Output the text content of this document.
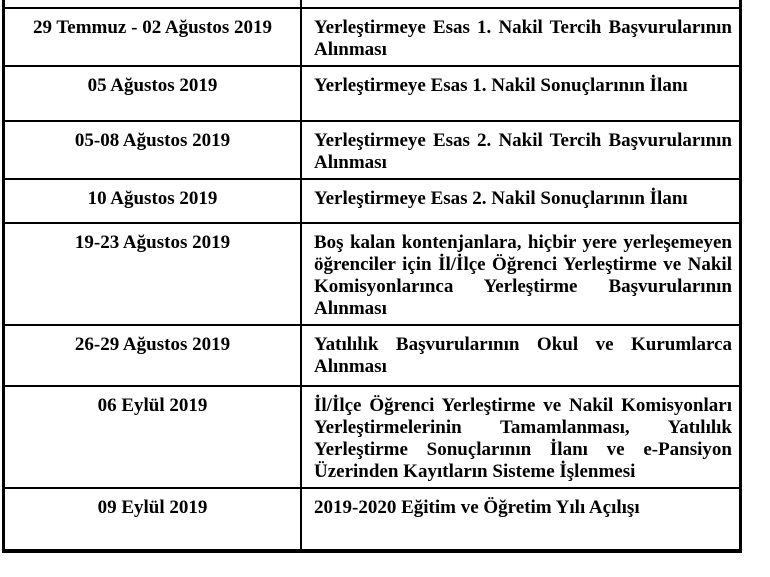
29 Temmuz - 02 Ağustos 2019	Yerleştirmeye Esas 1. Nakil Tercih Başvurularının Alınması
05 Ağustos 2019	Yerleştirmeye Esas 1. Nakil Sonuçlarının İlanı
05-08 Ağustos 2019	Yerleştirmeye Esas 2. Nakil Tercih Başvurularının Alınması
10 Ağustos 2019	Yerleştirmeye Esas 2. Nakil Sonuçlarının İlanı
19-23 Ağustos 2019	Boş kalan kontenjanlara, hiçbir yere yerleşemeyen öğrenciler için İl/İlçe Öğrenci Yerleştirme ve Nakil Komisyonlarınca Yerleştirme Başvurularının Alınması
26-29 Ağustos 2019	Yatılılık Başvurularının Okul ve Kurumlarca Alınması
06 Eylül 2019	İl/İlçe Öğrenci Yerleştirme ve Nakil Komisyonları Yerleştirmelerinin Tamamlanması, Yatılılık Yerleştirme Sonuçlarının İlanı ve e-Pansiyon Üzerinden Kayıtların Sisteme İşlenmesi
09 Eylül 2019	2019-2020 Eğitim ve Öğretim Yılı Açılışı
